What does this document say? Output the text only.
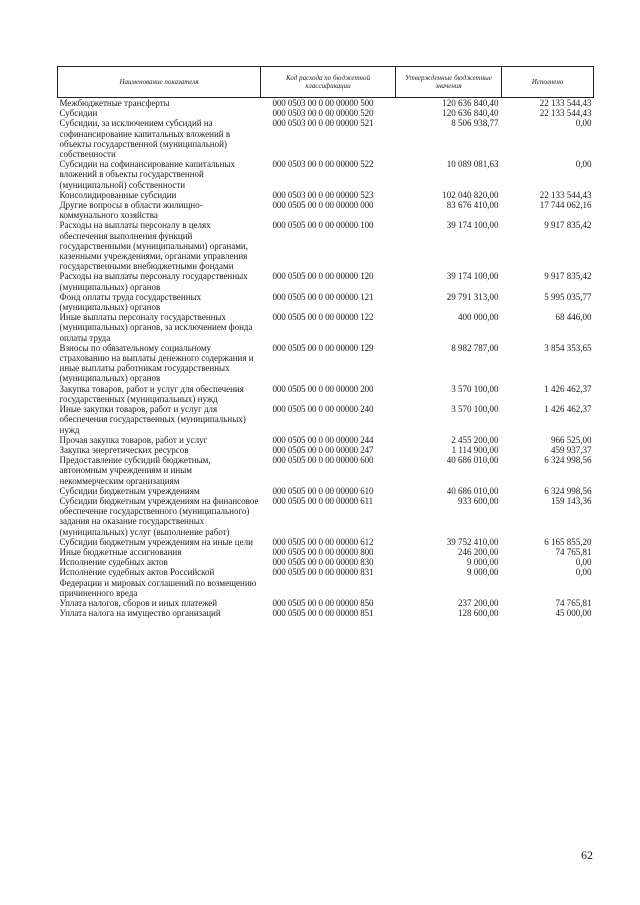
Наименование показателя	Код расхода по бюджетной классификации	Утвержденные бюджетные значения	Исполнено
Межбюджетные трансферты	000 0503 00 0 00 00000 500	120 636 840,40	22 133 544,43
Субсидии	000 0503 00 0 00 00000 520	120 636 840,40	22 133 544,43
Субсидии, за исключением субсидий на софинансирование капитальных вложений в объекты государственной (муниципальной) собственности	000 0503 00 0 00 00000 521	8 506 938,77	0,00
Субсидии на софинансирование капитальных вложений в объекты государственной (муниципальной) собственности	000 0503 00 0 00 00000 522	10 089 081,63	0,00
Консолидированные субсидии	000 0503 00 0 00 00000 523	102 040 820,00	22 133 544,43
Другие вопросы в области жилищно-коммунального хозяйства	000 0505 00 0 00 00000 000	83 676 410,00	17 744 062,16
Расходы на выплаты персоналу в целях обеспечения выполнения функций государственными (муниципальными) органами, казенными учреждениями, органами управления государственными внебюджетными фондами	000 0505 00 0 00 00000 100	39 174 100,00	9 917 835,42
Расходы на выплаты персоналу государственных (муниципальных) органов	000 0505 00 0 00 00000 120	39 174 100,00	9 917 835,42
Фонд оплаты труда государственных (муниципальных) органов	000 0505 00 0 00 00000 121	29 791 313,00	5 995 035,77
Иные выплаты персоналу государственных (муниципальных) органов, за исключением фонда оплаты труда	000 0505 00 0 00 00000 122	400 000,00	68 446,00
Взносы по обязательному социальному страхованию на выплаты денежного содержания и иные выплаты работникам государственных (муниципальных) органов	000 0505 00 0 00 00000 129	8 982 787,00	3 854 353,65
Закупка товаров, работ и услуг для обеспечения государственных (муниципальных) нужд	000 0505 00 0 00 00000 200	3 570 100,00	1 426 462,37
Иные закупки товаров, работ и услуг для обеспечения государственных (муниципальных) нужд	000 0505 00 0 00 00000 240	3 570 100,00	1 426 462,37
Прочая закупка товаров, работ и услуг	000 0505 00 0 00 00000 244	2 455 200,00	966 525,00
Закупка энергетических ресурсов	000 0505 00 0 00 00000 247	1 114 900,00	459 937,37
Предоставление субсидий бюджетным, автономным учреждениям и иным некоммерческим организациям	000 0505 00 0 00 00000 600	40 686 010,00	6 324 998,56
Субсидии бюджетным учреждениям	000 0505 00 0 00 00000 610	40 686 010,00	6 324 998,56
Субсидии бюджетным учреждениям на финансовое обеспечение государственного (муниципального) задания на оказание государственных (муниципальных) услуг (выполнение работ)	000 0505 00 0 00 00000 611	933 600,00	159 143,36
Субсидии бюджетным учреждениям на иные цели	000 0505 00 0 00 00000 612	39 752 410,00	6 165 855,20
Иные бюджетные ассигнования	000 0505 00 0 00 00000 800	246 200,00	74 765,81
Исполнение судебных актов	000 0505 00 0 00 00000 830	9 000,00	0,00
Исполнение судебных актов Российской Федерации и мировых соглашений по возмещению причиненного вреда	000 0505 00 0 00 00000 831	9 000,00	0,00
Уплата налогов, сборов и иных платежей	000 0505 00 0 00 00000 850	237 200,00	74 765,81
Уплата налога на имущество организаций	000 0505 00 0 00 00000 851	128 600,00	45 000,00
62
